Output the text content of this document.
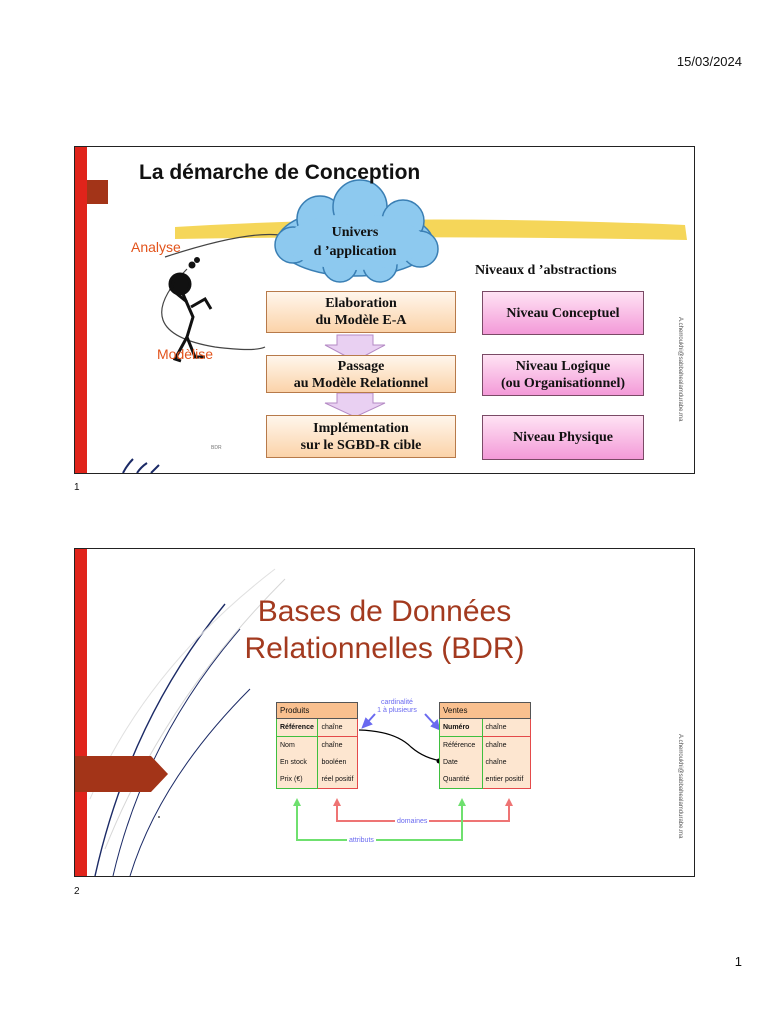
15/03/2024
La démarche de Conception
Univers
d ’application
Analyse
Modèlise
Niveaux d ’abstractions
Elaboration
du Modèle E-A
Passage
au Modèle Relationnel
Implémentation
sur le SGBD-R cible
Niveau Conceptuel
Niveau Logique
(ou Organisationnel)
Niveau Physique
BDR
A.cherroukhi@sabbahealamdurabe.ma
1
Bases de Données
Relationnelles (BDR)
cardinalité
1 à plusieurs
domaines
attributs
Produits	
Référence	chaîne
Nom	chaîne
En stock	booléen
Prix (€)	réel positif
Ventes	
Numéro	chaîne
Référence	chaîne
Date	chaîne
Quantité	entier positif	A.cherroukhi@sabbahealamdurabe.ma
2
1
